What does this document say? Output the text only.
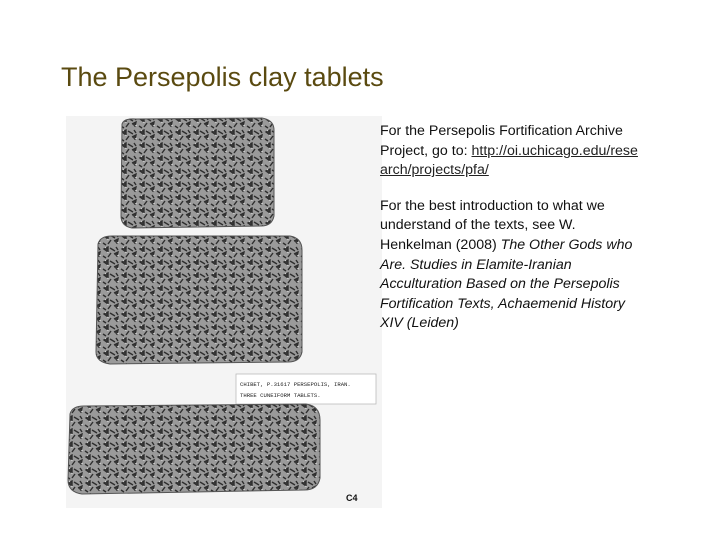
The Persepolis clay tablets
CHIBET, P.31617 PERSEPOLIS, IRAN.
THREE CUNEIFORM TABLETS.
C4

For the Persepolis Fortification Archive Project, go to: http://oi.uchicago.edu/research/projects/pfa/

For the best introduction to what we understand of the texts, see W. Henkelman (2008) The Other Gods who Are. Studies in Elamite-Iranian Acculturation Based on the Persepolis Fortification Texts, Achaemenid History XIV (Leiden)
